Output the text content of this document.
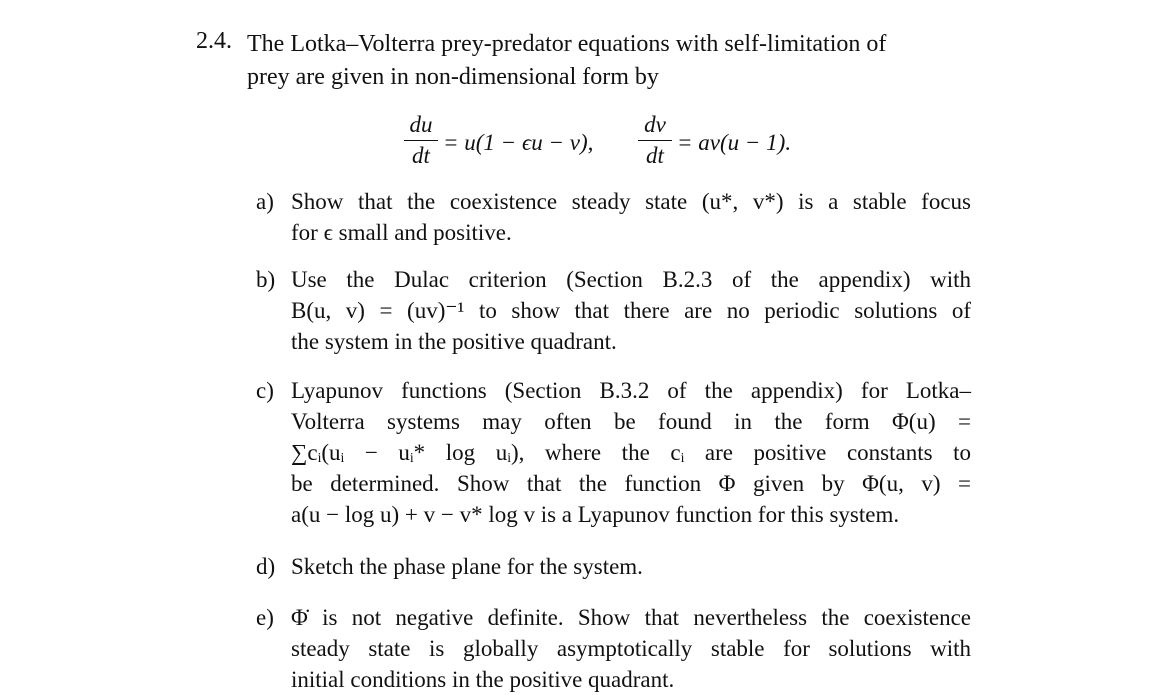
2.4. The Lotka–Volterra prey-predator equations with self-limitation of
prey are given in non-dimensional form by
du
dt
= u(1 − ϵu − v),
dv
dt
= av(u − 1).
a) Show that the coexistence steady state (u*, v*) is a stable focus
for ϵ small and positive.
b) Use the Dulac criterion (Section B.2.3 of the appendix) with
B(u, v) = (uv)⁻¹ to show that there are no periodic solutions of
the system in the positive quadrant.
c) Lyapunov functions (Section B.3.2 of the appendix) for Lotka–
Volterra systems may often be found in the form Φ(u) =
∑cᵢ(uᵢ − uᵢ* log uᵢ), where the cᵢ are positive constants to
be determined. Show that the function Φ given by Φ(u, v) =
a(u − log u) + v − v* log v is a Lyapunov function for this system.
d) Sketch the phase plane for the system.
e) Φ̇ is not negative definite. Show that nevertheless the coexistence
steady state is globally asymptotically stable for solutions with
initial conditions in the positive quadrant.
